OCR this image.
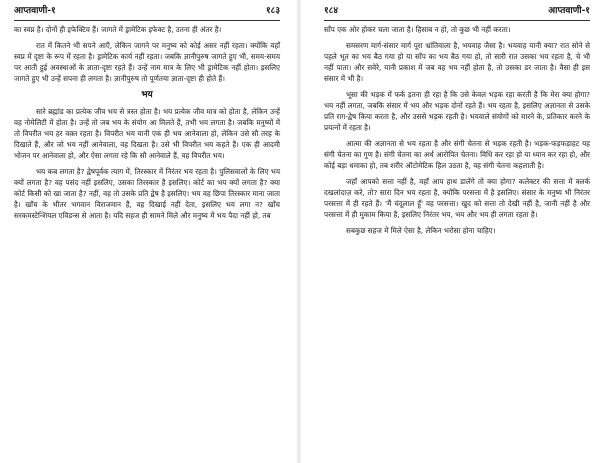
आप्तवाणी-१	१८३

का स्वप्न है। दोनों ही इफेक्टिव हैं। जागते में ड्रामेटिक इफेक्ट है, उतना ही अंतर है।

रात में कितने भी सपने आएँ, लेकिन जागने पर मनुष्य को कोई असर नहीं रहता। क्योंकि वहाँ स्वप्न में दृष्टा के रूप में रहता है। ड्रामेटिक कार्य नहीं रहता। जबकि ज्ञानीपुरुष जागते हुए भी, समय-समय पर आती हुई अवस्थाओं के ज्ञाता-दृष्टा रहते हैं। उन्हें नाम मात्र के लिए भी ड्रामेटिक नहीं होता। इसलिए जागते हुए भी उन्हें सपना ही लगता है। ज्ञानीपुरुष तो पूर्णतया ज्ञाता-दृष्टा ही होते हैं।

भय

सारे ब्रह्मांड का प्रत्येक जीव भय से त्रस्त होता है। भय प्रत्येक जीव मात्र को होता है, लेकिन उन्हें वह नोमेलिटी में होता है। उन्हें तो जब भय के संयोग आ मिलते हैं, तभी भय लगता है। जबकि मनुष्यों में तो विपरीत भय हर वक़्त रहता है। विपरीत भय यानी एक ही भय आनेवाला हो, लेकिन उसे सौ तरह के दिखाते हैं, और जो भय नहीं आनेवाला, वह दिखता है। उसे भी विपरीत भय कहते हैं। एक ही आदमी भोजन पर आनेवाला हो, और ऐसा लगता रहे कि सौ आनेवाले हैं, वह विपरीत भय।

भय कब लगता है? द्वेषपूर्वक त्याग में, तिरस्कार में निरंतर भय रहता है। पुलिसवालों के लिए भय क्यों लगता है? वह पसंद नहीं इसलिए, उसका तिरस्कार है इसलिए। कोर्ट का भय क्यों लगता है? क्या कोर्ट किसी को खा जाता है? नहीं, वह तो उसके प्रति द्वेष है इसलिए। भय वह छिपा तिरस्कार माना जाता है। खाँच के भीतर भगवान विराजमान हैं, वह दिखाई नहीं देता, इसलिए भय लगा न? खाँच सरकमस्टेन्शियल एविडन्स से आता है। यदि सहज ही सामने मिले और मनुष्य में भय पैदा नहीं हो, तब

१८४	आप्तवाणी-१

साँप एक ओर होकर चला जाता है। हिसाब न हो, तो कुछ भी नहीं करता।

समसरण मार्ग-संसार मार्ग पूरा भ्रांतिवाला है, भयवाह जैसा है। भयवाह यानी क्या? रात सोने से पहले भूत का भय बैठ गया हो या साँप का भय बैठ गया हो, तो सारी रात उसका भय रहता है, चे भी नहीं पाता। और सवेरे, यानी प्रकाश में जब वह भय नहीं होता है, तो उसका डर जाता है। वैसा ही इस संसार में भी है।

भूसा की भड़क में फर्क इतना ही रहा है कि उसे केवल भड़क रहा करती है कि मेरा क्या होगा? भय नहीं लगता, जबकि संसार में भय और भड़क दोनों रहते हैं। भय रहता है, इसलिए अज्ञानता से उसके प्रति राग-द्वेष किया करता है, और उससे भड़क रहती है। भयवाले संयोगों को मारने के, प्रतिकार करने के प्रयत्नों में रहता है।

आत्मा की अज्ञानता से भय रहता है और संगी चेतना से भड़क रहती है। भड़क-फड़फड़ाहट यह संगी चेतना का गुण है। संगी चेतना का अर्थ आरोपित चेतना। विधि कर रहा हो या ध्यान कर रहा हो, और कोई बड़ा धमाका हो, तब शरीर ऑटोमेटिक हिल उठता है, वह संगी चेतना कहलाती है।

जहाँ आपको सत्ता नहीं है, वहाँ आप हाथ डालेंगे तो क्या होगा? कलेक्टर की सत्ता में क्लर्क दखलांदाज़ करे, तो? सारा दिन भय रहता है, क्योंकि परसत्ता में है इसलिए। संसार के मनुष्य भी निरंतर परसत्ता में ही रहते हैं। 'मैं चंदूलाल हूँ' वह परसत्ता। खुद को सत्ता तो देखी नहीं है, जानी नहीं है और परसत्ता में ही मुकाम किया है, इसलिए निरंतर भय, भय और भय ही लगता रहता है।

सबकुछ सहज में मिले ऐसा है, लेकिन भरोसा होना चाहिए।
